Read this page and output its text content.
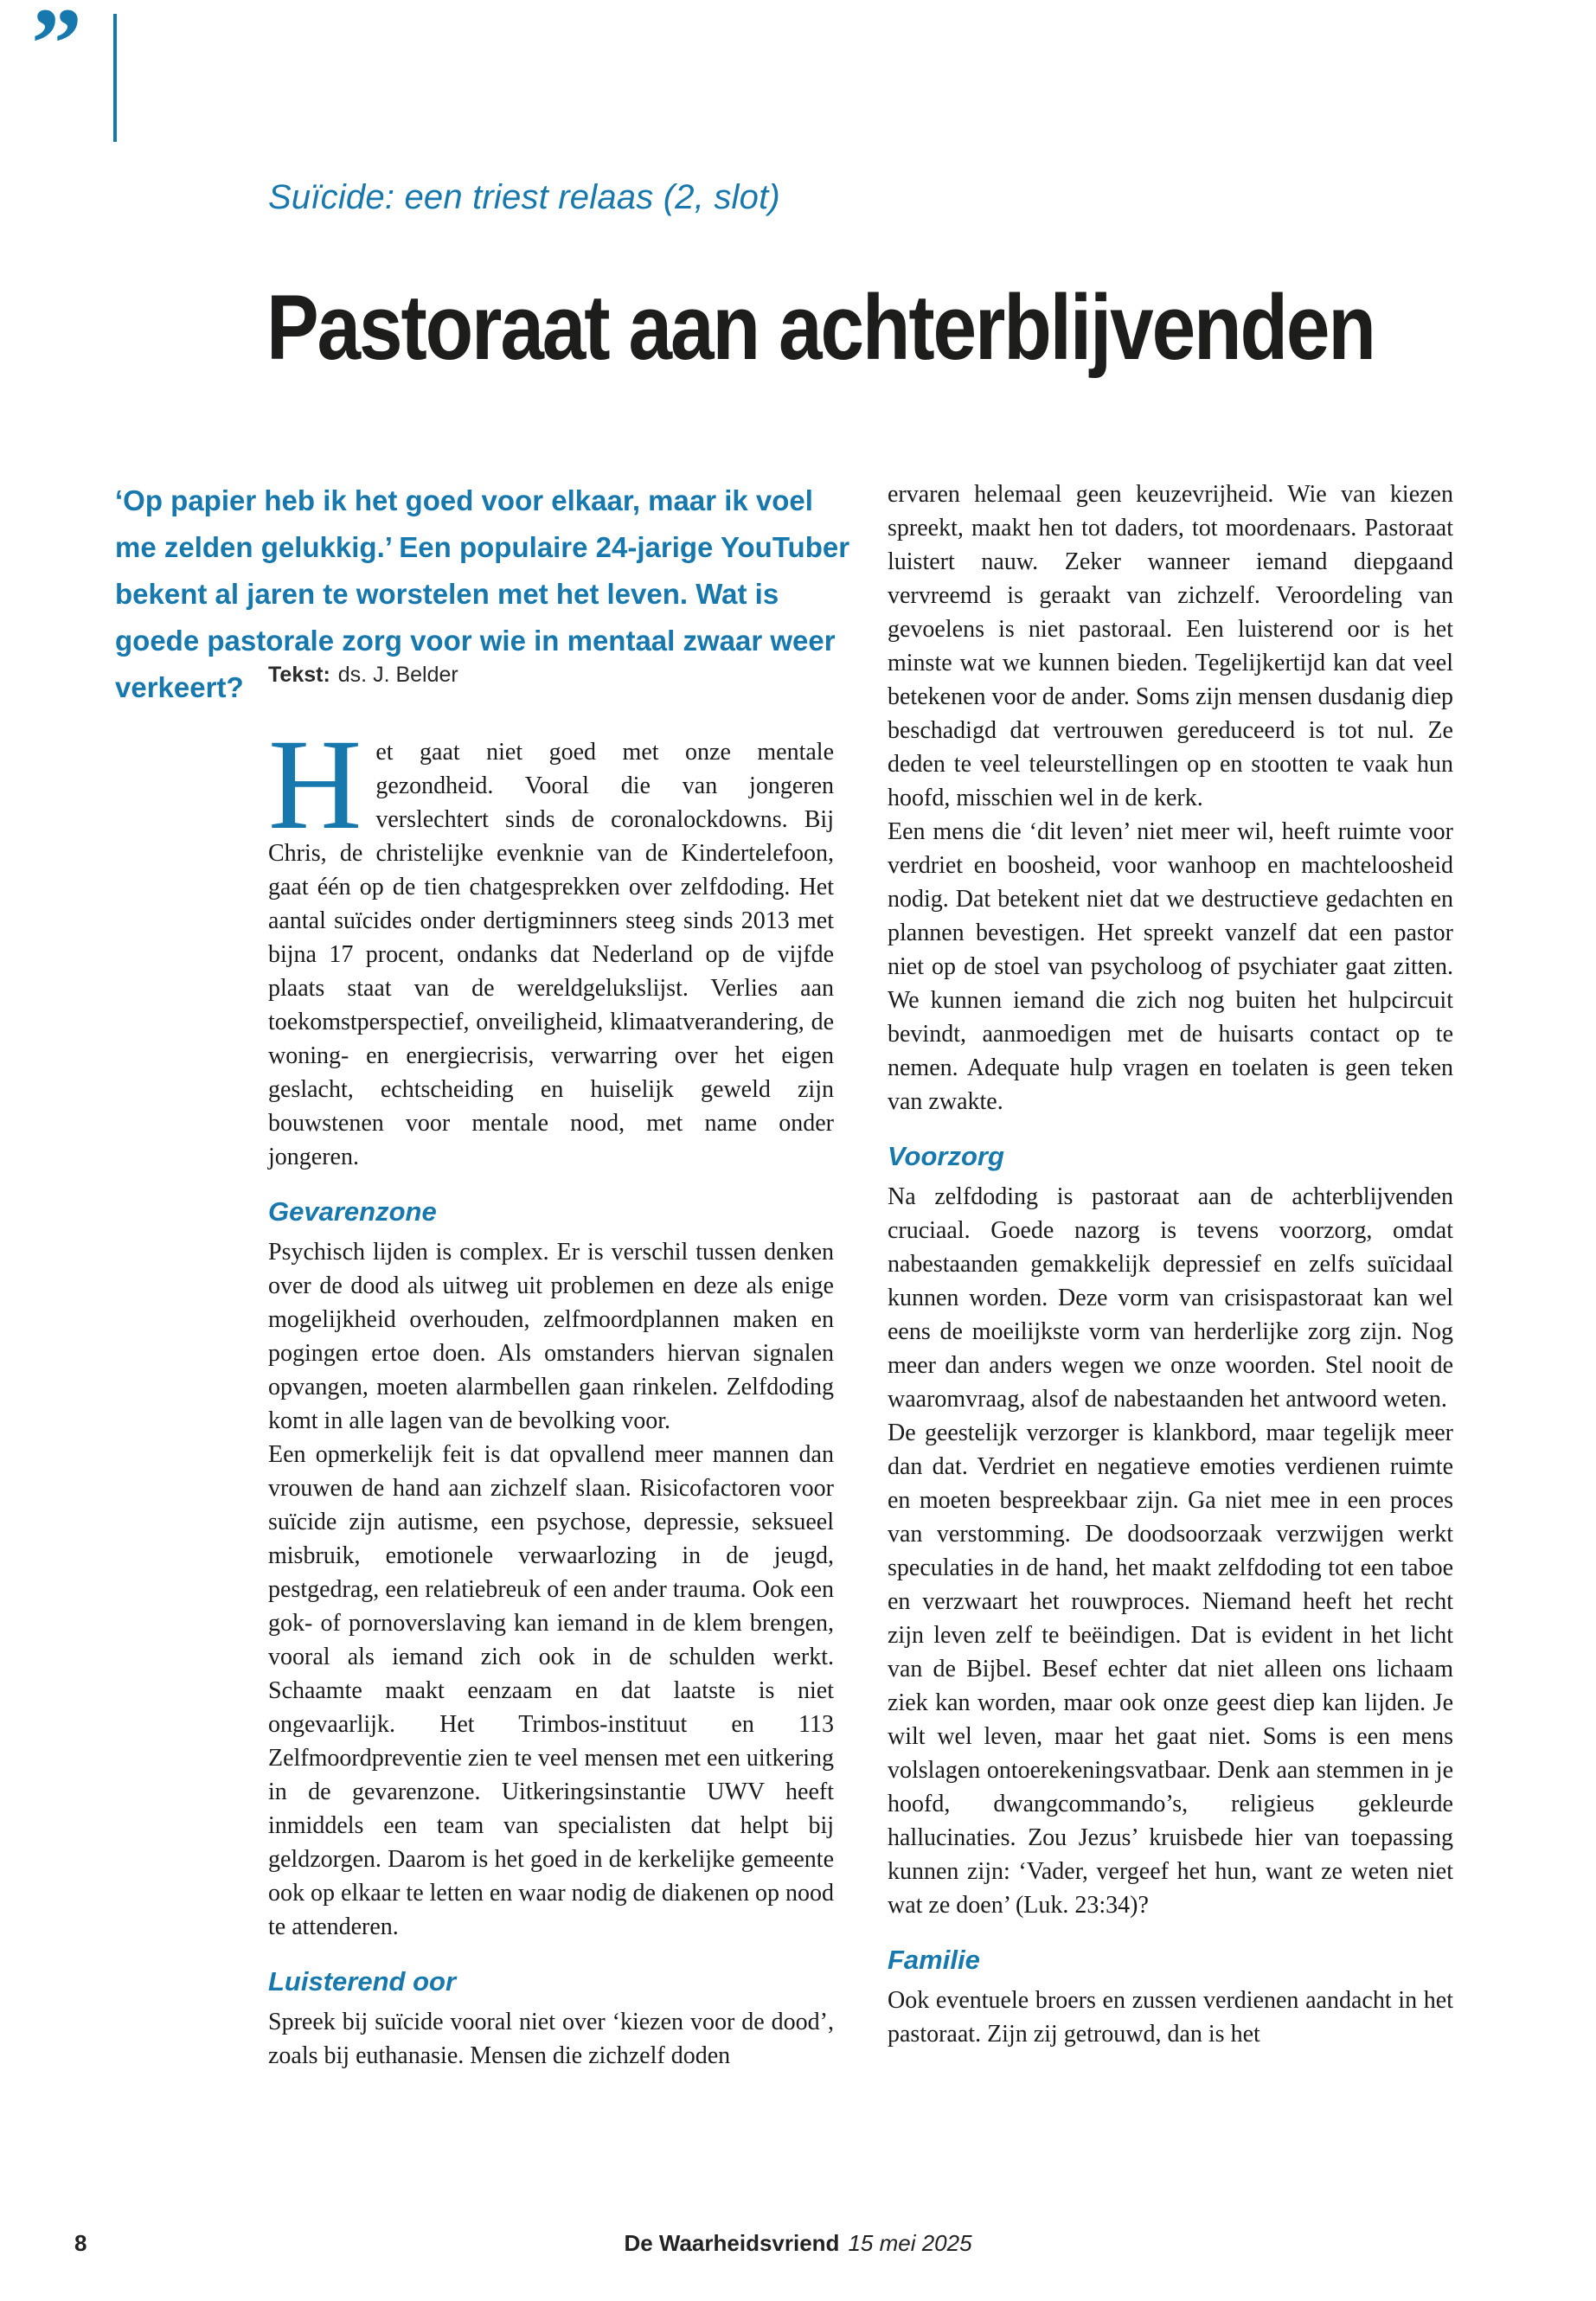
”
Suïcide: een triest relaas (2, slot)
Pastoraat aan achterblijvenden

‘Op papier heb ik het goed voor elkaar, maar ik voel me zelden gelukkig.’ Een populaire 24-jarige YouTuber bekent al jaren te worstelen met het leven. Wat is goede pastorale zorg voor wie in mentaal zwaar weer verkeert?	Tekst: ds. J. Belder

Het gaat niet goed met onze mentale gezondheid. Vooral die van jongeren verslechtert sinds de coronalockdowns. Bij Chris, de christelijke evenknie van de Kindertelefoon, gaat één op de tien chatgesprekken over zelfdoding. Het aantal suïcides onder dertigminners steeg sinds 2013 met bijna 17 procent, ondanks dat Nederland op de vijfde plaats staat van de wereldgelukslijst. Verlies aan toekomstperspectief, onveiligheid, klimaatverandering, de woning- en energiecrisis, verwarring over het eigen geslacht, echtscheiding en huiselijk geweld zijn bouwstenen voor mentale nood, met name onder jongeren.

Gevarenzone

Psychisch lijden is complex. Er is verschil tussen denken over de dood als uitweg uit problemen en deze als enige mogelijkheid overhouden, zelfmoordplannen maken en pogingen ertoe doen. Als omstanders hiervan signalen opvangen, moeten alarmbellen gaan rinkelen. Zelfdoding komt in alle lagen van de bevolking voor.

Een opmerkelijk feit is dat opvallend meer mannen dan vrouwen de hand aan zichzelf slaan. Risicofactoren voor suïcide zijn autisme, een psychose, depressie, seksueel misbruik, emotionele verwaarlozing in de jeugd, pestgedrag, een relatiebreuk of een ander trauma. Ook een gok- of pornoverslaving kan iemand in de klem brengen, vooral als iemand zich ook in de schulden werkt. Schaamte maakt eenzaam en dat laatste is niet ongevaarlijk. Het Trimbos-instituut en 113 Zelfmoordpreventie zien te veel mensen met een uitkering in de gevarenzone. Uitkeringsinstantie UWV heeft inmiddels een team van specialisten dat helpt bij geldzorgen. Daarom is het goed in de kerkelijke gemeente ook op elkaar te letten en waar nodig de diakenen op nood te attenderen.

Luisterend oor

Spreek bij suïcide vooral niet over ‘kiezen voor de dood’, zoals bij euthanasie. Mensen die zichzelf doden

ervaren helemaal geen keuzevrijheid. Wie van kiezen spreekt, maakt hen tot daders, tot moordenaars. Pastoraat luistert nauw. Zeker wanneer iemand diepgaand vervreemd is geraakt van zichzelf. Veroordeling van gevoelens is niet pastoraal. Een luisterend oor is het minste wat we kunnen bieden. Tegelijkertijd kan dat veel betekenen voor de ander. Soms zijn mensen dusdanig diep beschadigd dat vertrouwen gereduceerd is tot nul. Ze deden te veel teleurstellingen op en stootten te vaak hun hoofd, misschien wel in de kerk.

Een mens die ‘dit leven’ niet meer wil, heeft ruimte voor verdriet en boosheid, voor wanhoop en machteloosheid nodig. Dat betekent niet dat we destructieve gedachten en plannen bevestigen. Het spreekt vanzelf dat een pastor niet op de stoel van psycholoog of psychiater gaat zitten. We kunnen iemand die zich nog buiten het hulpcircuit bevindt, aanmoedigen met de huisarts contact op te nemen. Adequate hulp vragen en toelaten is geen teken van zwakte.

Voorzorg

Na zelfdoding is pastoraat aan de achterblijvenden cruciaal. Goede nazorg is tevens voorzorg, omdat nabestaanden gemakkelijk depressief en zelfs suïcidaal kunnen worden. Deze vorm van crisispastoraat kan wel eens de moeilijkste vorm van herderlijke zorg zijn. Nog meer dan anders wegen we onze woorden. Stel nooit de waaromvraag, alsof de nabestaanden het antwoord weten.

De geestelijk verzorger is klankbord, maar tegelijk meer dan dat. Verdriet en negatieve emoties verdienen ruimte en moeten bespreekbaar zijn. Ga niet mee in een proces van verstomming. De doodsoorzaak verzwijgen werkt speculaties in de hand, het maakt zelfdoding tot een taboe en verzwaart het rouwproces. Niemand heeft het recht zijn leven zelf te beëindigen. Dat is evident in het licht van de Bijbel. Besef echter dat niet alleen ons lichaam ziek kan worden, maar ook onze geest diep kan lijden. Je wilt wel leven, maar het gaat niet. Soms is een mens volslagen ontoerekeningsvatbaar. Denk aan stemmen in je hoofd, dwangcommando’s, religieus gekleurde hallucinaties. Zou Jezus’ kruisbede hier van toepassing kunnen zijn: ‘Vader, vergeef het hun, want ze weten niet wat ze doen’ (Luk. 23:34)?

Familie

Ook eventuele broers en zussen verdienen aandacht in het pastoraat. Zijn zij getrouwd, dan is het

8	De Waarheidsvriend 15 mei 2025
